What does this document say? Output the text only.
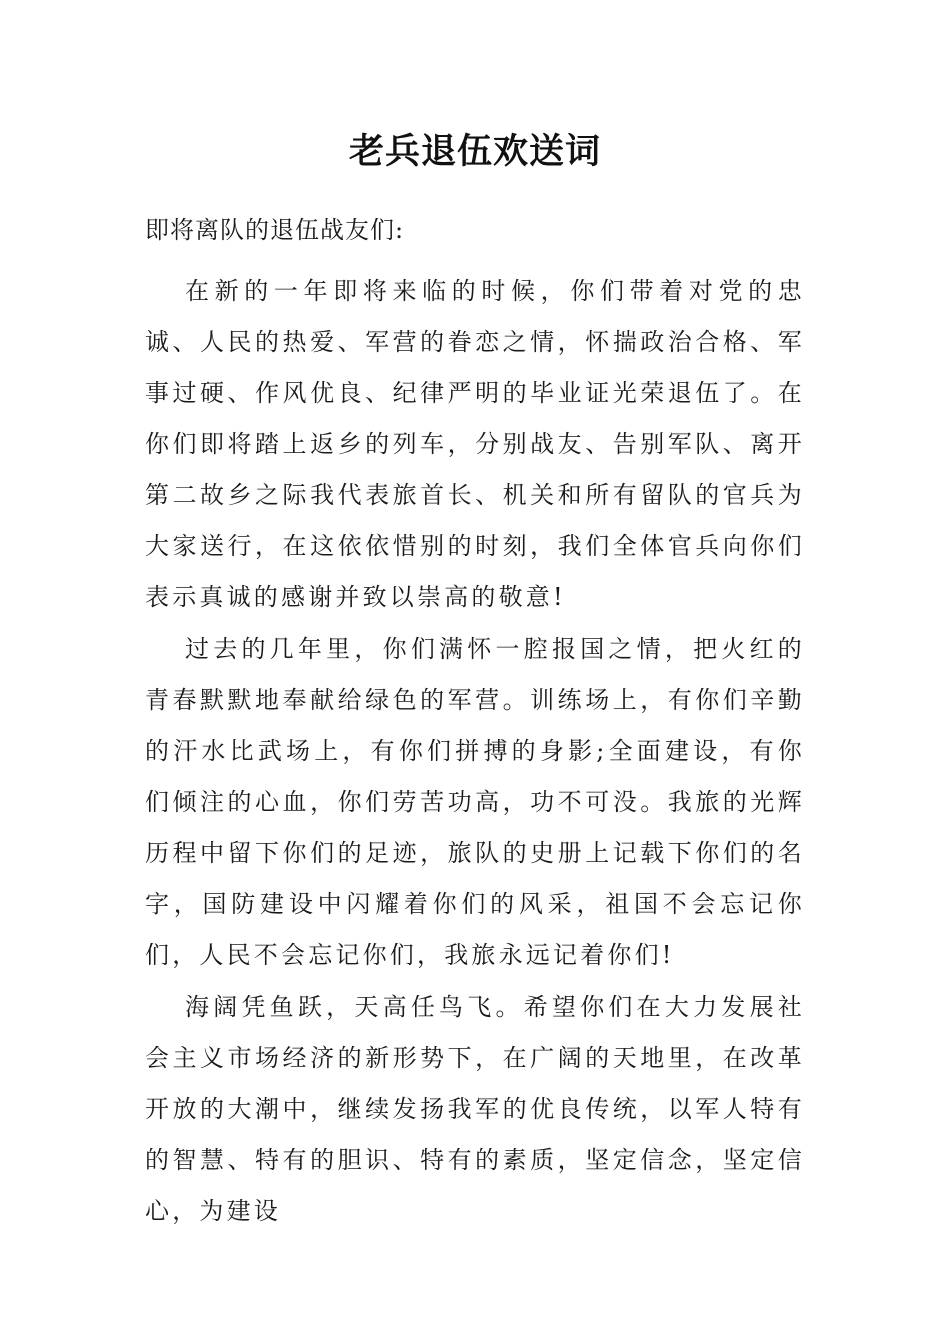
老兵退伍欢送词
即将离队的退伍战友们:
在新的一年即将来临的时候，你们带着对党的忠诚、人民的热爱、军营的眷恋之情，怀揣政治合格、军事过硬、作风优良、纪律严明的毕业证光荣退伍了。在你们即将踏上返乡的列车，分别战友、告别军队、离开第二故乡之际我代表旅首长、机关和所有留队的官兵为大家送行，在这依依惜别的时刻，我们全体官兵向你们表示真诚的感谢并致以崇高的敬意!
过去的几年里，你们满怀一腔报国之情，把火红的青春默默地奉献给绿色的军营。训练场上，有你们辛勤的汗水比武场上，有你们拼搏的身影;全面建设，有你们倾注的心血，你们劳苦功高，功不可没。我旅的光辉历程中留下你们的足迹，旅队的史册上记载下你们的名字，国防建设中闪耀着你们的风采，祖国不会忘记你们，人民不会忘记你们，我旅永远记着你们!
海阔凭鱼跃，天高任鸟飞。希望你们在大力发展社会主义市场经济的新形势下，在广阔的天地里，在改革开放的大潮中，继续发扬我军的优良传统，以军人特有的智慧、特有的胆识、特有的素质，坚定信念，坚定信心，为建设
